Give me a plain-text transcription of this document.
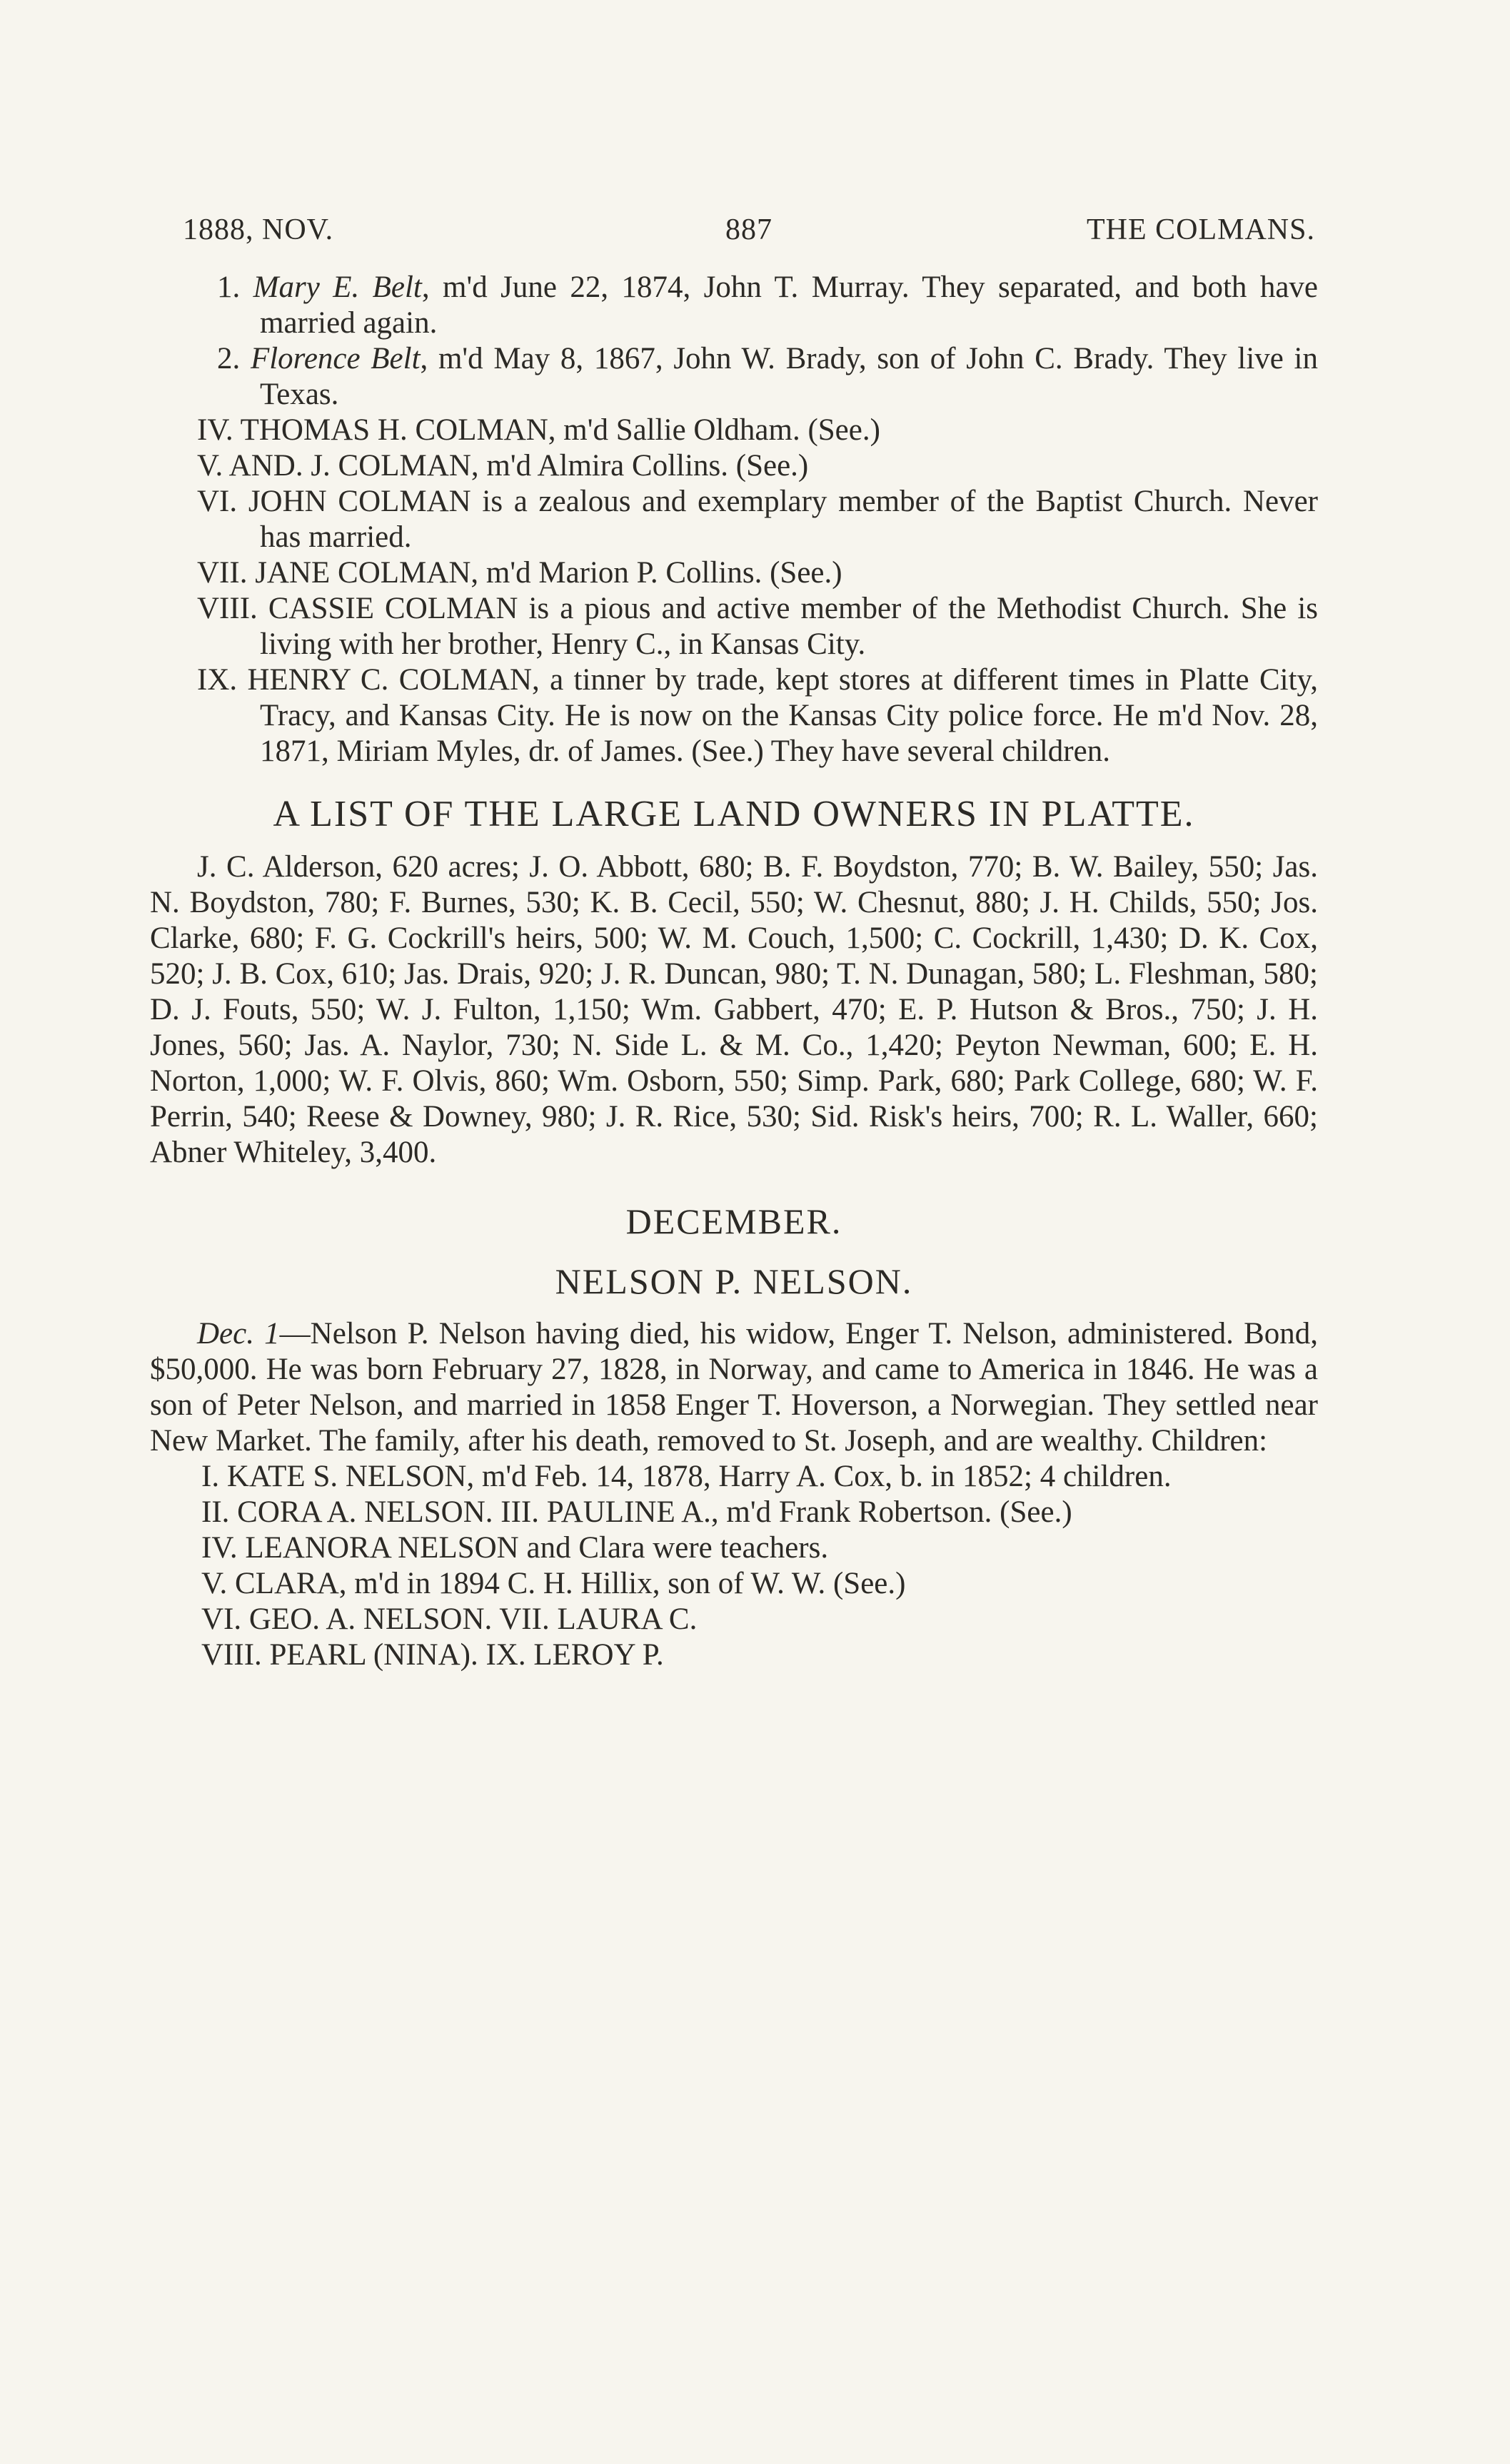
1888, NOV.	887	THE COLMANS.

1. Mary E. Belt, m'd June 22, 1874, John T. Murray. They separated, and both have married again.

2. Florence Belt, m'd May 8, 1867, John W. Brady, son of John C. Brady. They live in Texas.

IV. THOMAS H. COLMAN, m'd Sallie Oldham. (See.)

V. AND. J. COLMAN, m'd Almira Collins. (See.)

VI. JOHN COLMAN is a zealous and exemplary member of the Baptist Church. Never has married.

VII. JANE COLMAN, m'd Marion P. Collins. (See.)

VIII. CASSIE COLMAN is a pious and active member of the Methodist Church. She is living with her brother, Henry C., in Kansas City.

IX. HENRY C. COLMAN, a tinner by trade, kept stores at different times in Platte City, Tracy, and Kansas City. He is now on the Kansas City police force. He m'd Nov. 28, 1871, Miriam Myles, dr. of James. (See.) They have several children.

A LIST OF THE LARGE LAND OWNERS IN PLATTE.

J. C. Alderson, 620 acres; J. O. Abbott, 680; B. F. Boydston, 770; B. W. Bailey, 550; Jas. N. Boydston, 780; F. Burnes, 530; K. B. Cecil, 550; W. Chesnut, 880; J. H. Childs, 550; Jos. Clarke, 680; F. G. Cockrill's heirs, 500; W. M. Couch, 1,500; C. Cockrill, 1,430; D. K. Cox, 520; J. B. Cox, 610; Jas. Drais, 920; J. R. Duncan, 980; T. N. Dunagan, 580; L. Fleshman, 580; D. J. Fouts, 550; W. J. Fulton, 1,150; Wm. Gabbert, 470; E. P. Hutson & Bros., 750; J. H. Jones, 560; Jas. A. Naylor, 730; N. Side L. & M. Co., 1,420; Peyton Newman, 600; E. H. Norton, 1,000; W. F. Olvis, 860; Wm. Osborn, 550; Simp. Park, 680; Park College, 680; W. F. Perrin, 540; Reese & Downey, 980; J. R. Rice, 530; Sid. Risk's heirs, 700; R. L. Waller, 660; Abner Whiteley, 3,400.

DECEMBER.
NELSON P. NELSON.

Dec. 1—Nelson P. Nelson having died, his widow, Enger T. Nelson, administered. Bond, $50,000. He was born February 27, 1828, in Norway, and came to America in 1846. He was a son of Peter Nelson, and married in 1858 Enger T. Hoverson, a Norwegian. They settled near New Market. The family, after his death, removed to St. Joseph, and are wealthy. Children:

I. KATE S. NELSON, m'd Feb. 14, 1878, Harry A. Cox, b. in 1852; 4 children.

II. CORA A. NELSON. III. PAULINE A., m'd Frank Robertson. (See.)

IV. LEANORA NELSON and Clara were teachers.

V. CLARA, m'd in 1894 C. H. Hillix, son of W. W. (See.)

VI. GEO. A. NELSON. VII. LAURA C.

VIII. PEARL (NINA). IX. LEROY P.
